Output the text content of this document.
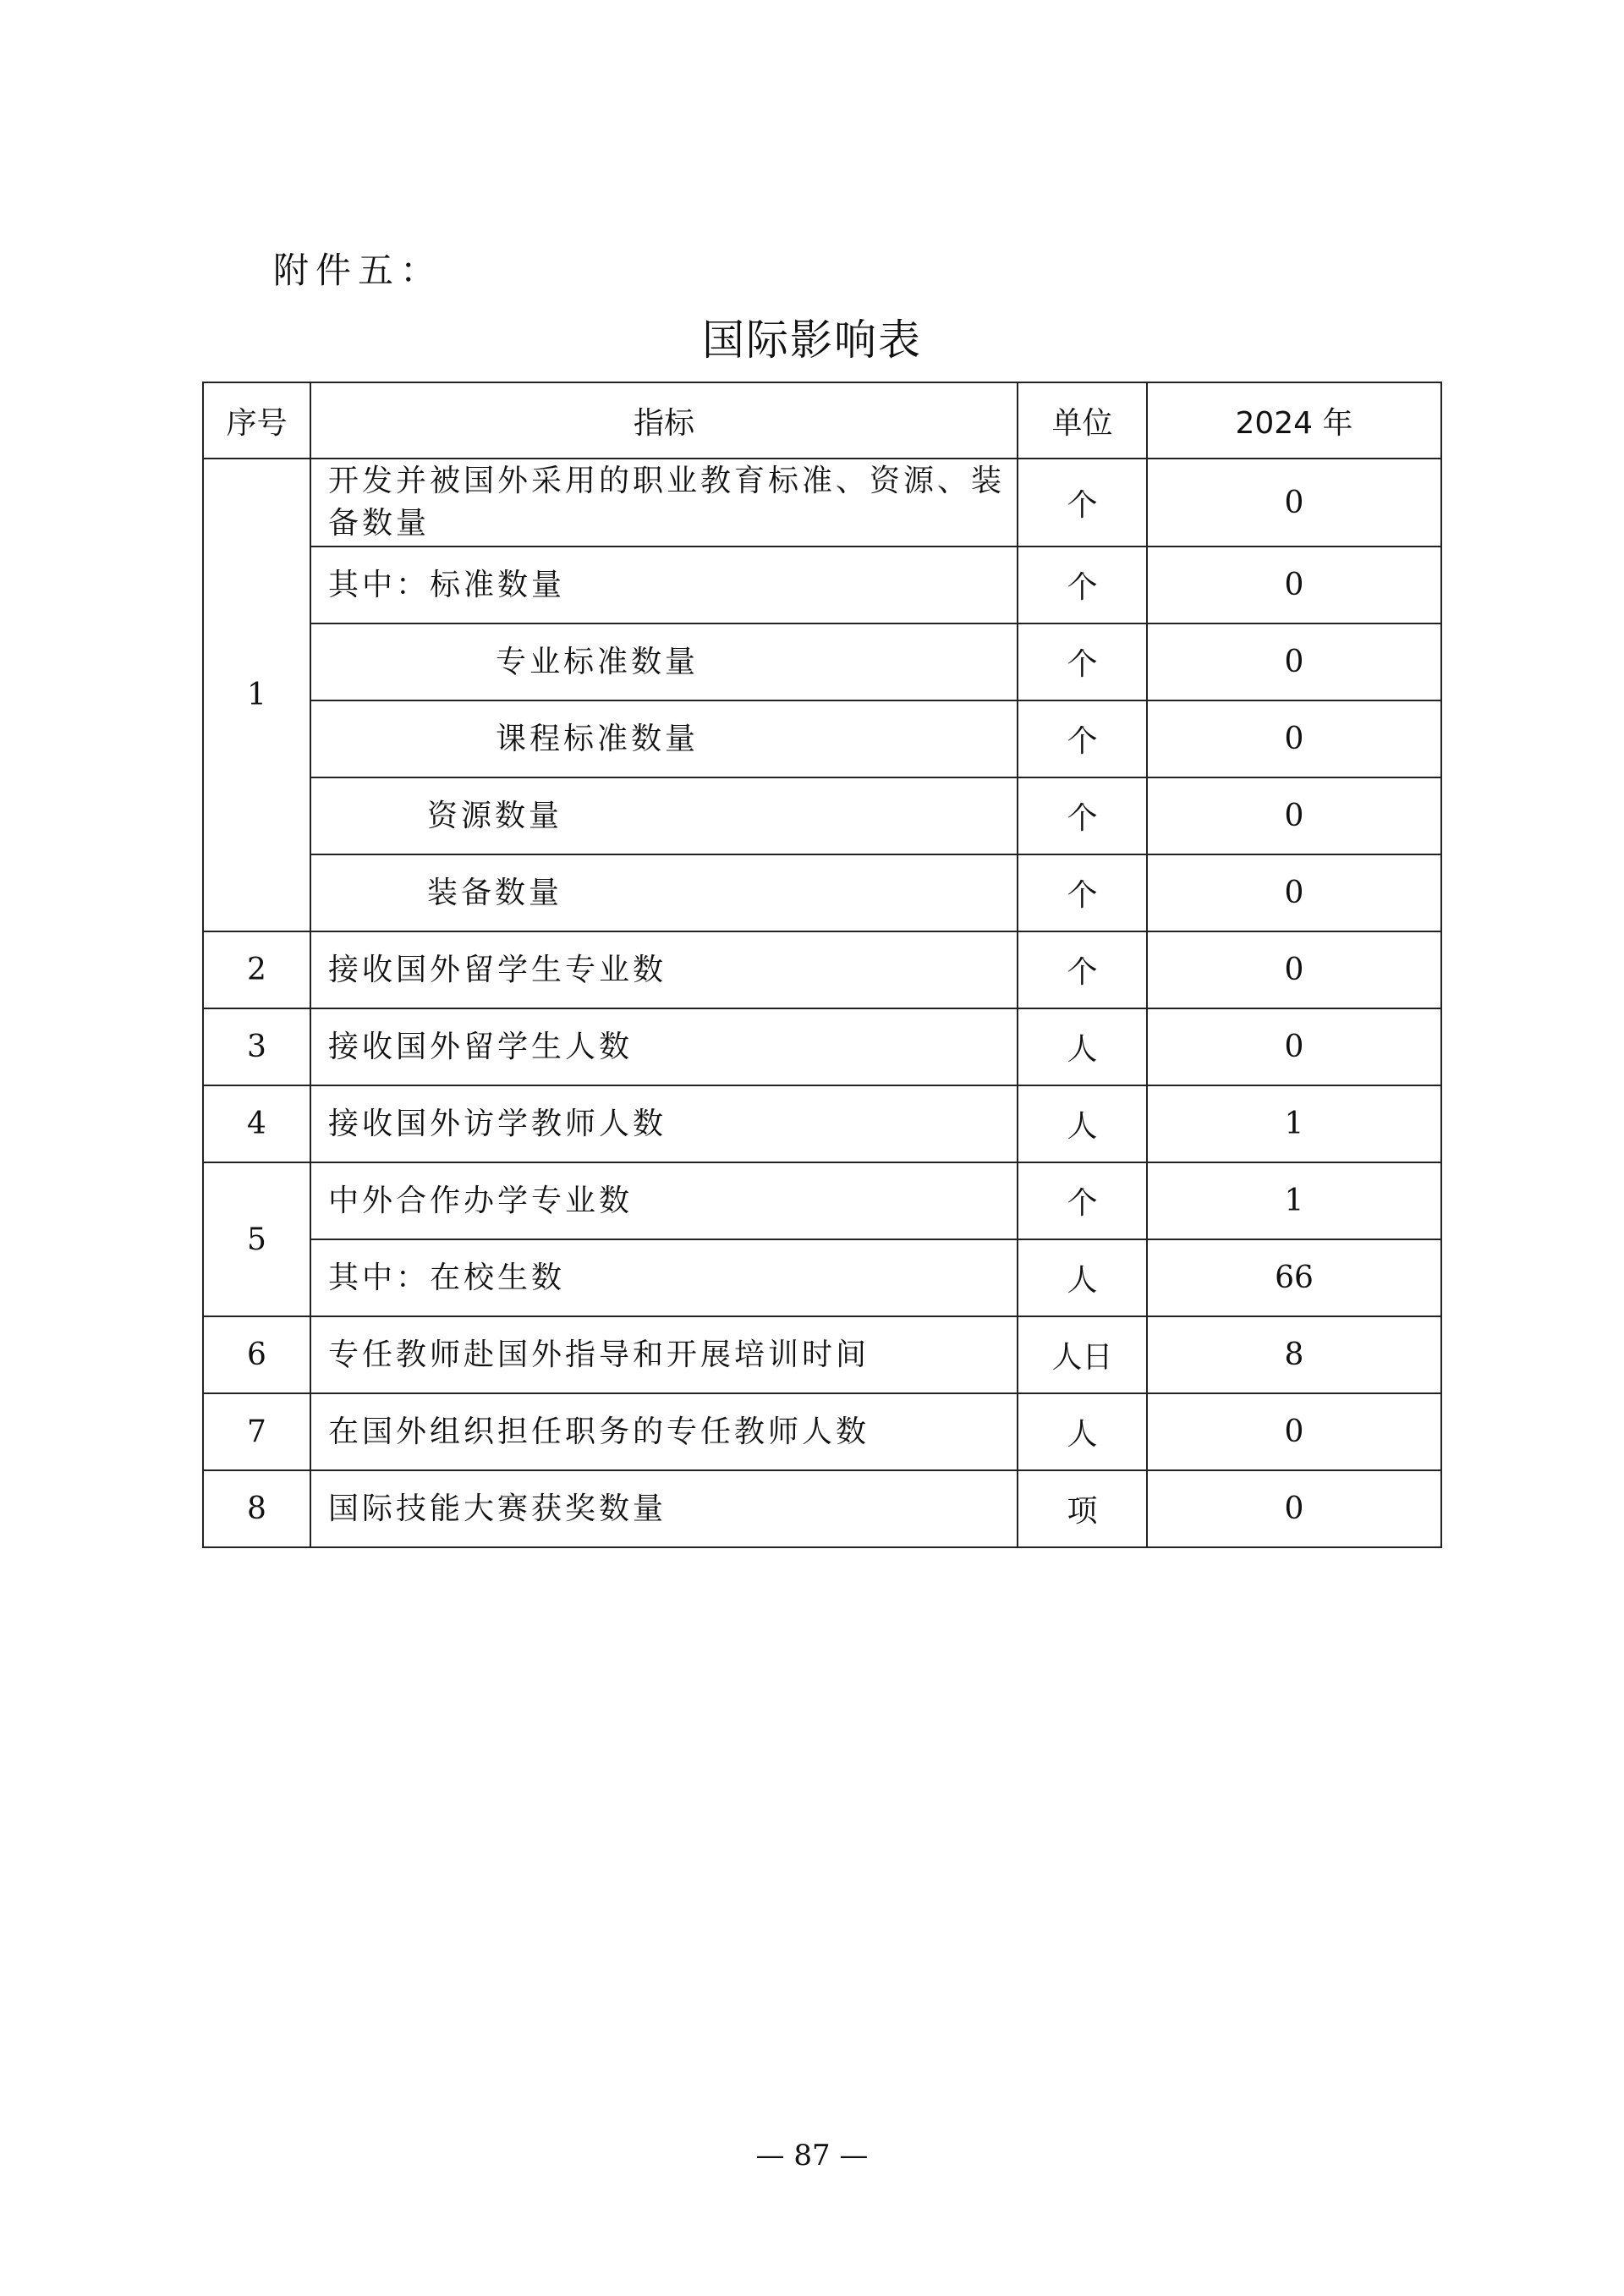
附件五：
国际影响表
序号	指标	单位	2024 年
1	开发并被国外采用的职业教育标准、资源、装备数量	个	0
	其中：标准数量	个	0
	专业标准数量	个	0
	课程标准数量	个	0
	资源数量	个	0
	装备数量	个	0
2	接收国外留学生专业数	个	0
3	接收国外留学生人数	人	0
4	接收国外访学教师人数	人	1
5	中外合作办学专业数	个	1
	其中：在校生数	人	66
6	专任教师赴国外指导和开展培训时间	人日	8
7	在国外组织担任职务的专任教师人数	人	0
8	国际技能大赛获奖数量	项	0
— 87 —
